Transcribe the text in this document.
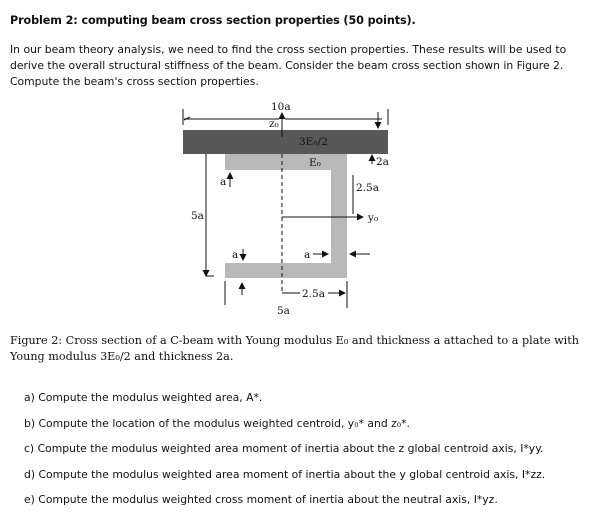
Problem 2: computing beam cross section properties (50 points).
In our beam theory analysis, we need to find the cross section properties. These results will be used to derive the overall structural stiffness of the beam. Consider the beam cross section shown in Figure 2. Compute the beam's cross section properties.
10a
z₀
y₀
3E₀/2
E₀	2a
2.5a
5a
a
a	a
2.5a
5a
Figure 2: Cross section of a C-beam with Young modulus E₀ and thickness a attached to a plate with Young modulus 3E₀/2 and thickness 2a.
a) Compute the modulus weighted area, A*.
b) Compute the location of the modulus weighted centroid, y₀* and z₀*.
c) Compute the modulus weighted area moment of inertia about the z global centroid axis, I*yy.
d) Compute the modulus weighted area moment of inertia about the y global centroid axis, I*zz.
e) Compute the modulus weighted cross moment of inertia about the neutral axis, I*yz.
